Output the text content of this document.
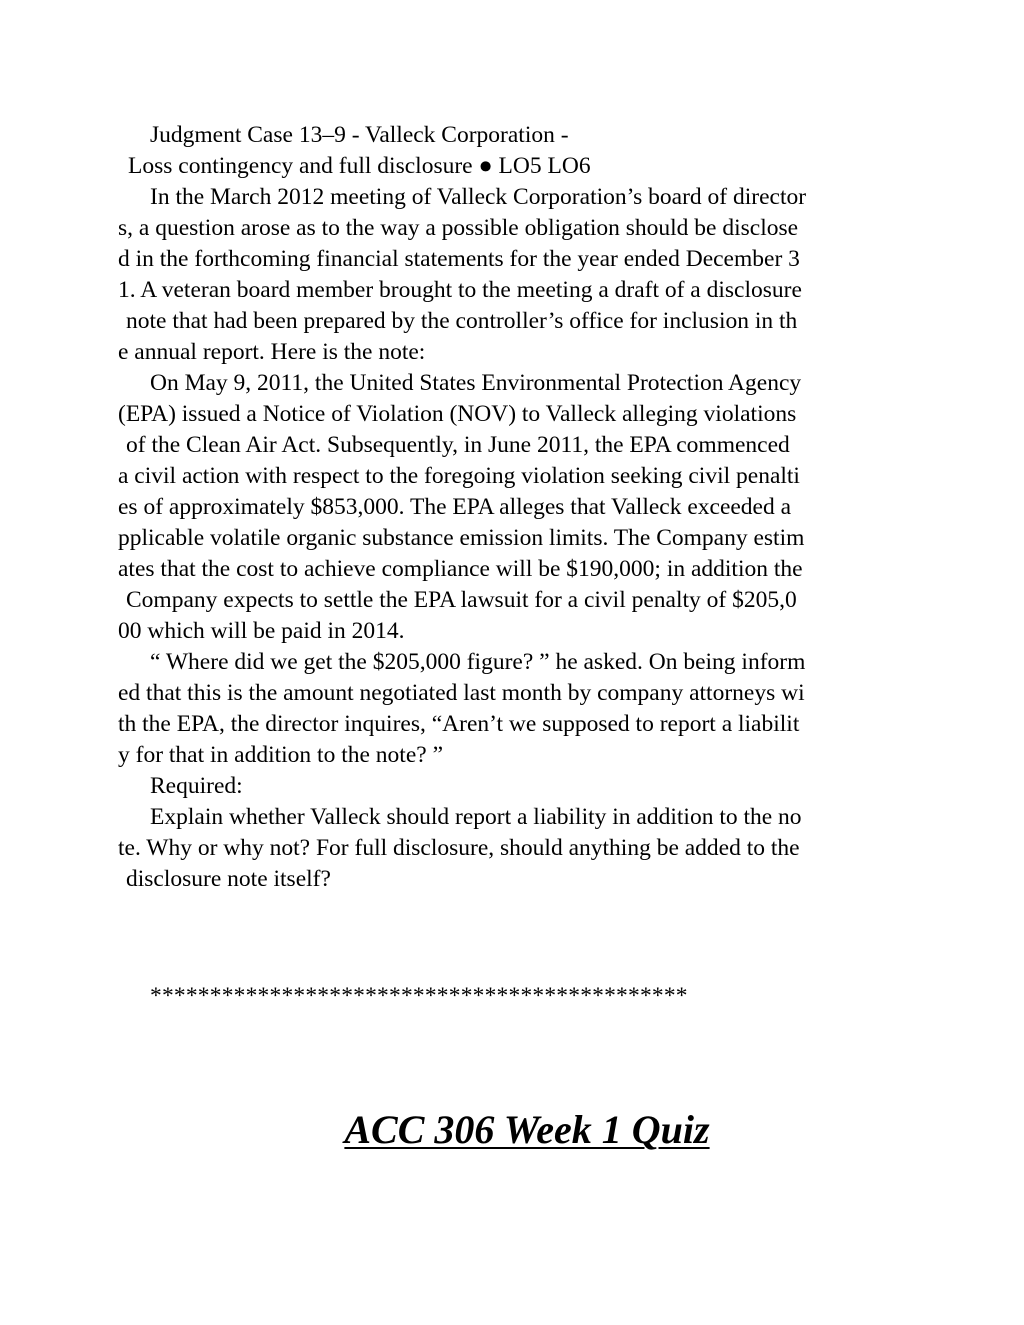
Judgment Case 13–9 - Valleck Corporation -
Loss contingency and full disclosure ● LO5 LO6
In the March 2012 meeting of Valleck Corporation’s board of director
s, a question arose as to the way a possible obligation should be disclose
d in the forthcoming financial statements for the year ended December 3
1. A veteran board member brought to the meeting a draft of a disclosure
note that had been prepared by the controller’s office for inclusion in th
e annual report. Here is the note:
On May 9, 2011, the United States Environmental Protection Agency
(EPA) issued a Notice of Violation (NOV) to Valleck alleging violations
of the Clean Air Act. Subsequently, in June 2011, the EPA commenced
a civil action with respect to the foregoing violation seeking civil penalti
es of approximately $853,000. The EPA alleges that Valleck exceeded a
pplicable volatile organic substance emission limits. The Company estim
ates that the cost to achieve compliance will be $190,000; in addition the
Company expects to settle the EPA lawsuit for a civil penalty of $205,0
00 which will be paid in 2014.
“ Where did we get the $205,000 figure? ” he asked. On being inform
ed that this is the amount negotiated last month by company attorneys wi
th the EPA, the director inquires, “Aren’t we supposed to report a liabilit
y for that in addition to the note? ”
Required:
Explain whether Valleck should report a liability in addition to the no
te. Why or why not? For full disclosure, should anything be added to the
disclosure note itself?
*********************************************
ACC 306 Week 1 Quiz
